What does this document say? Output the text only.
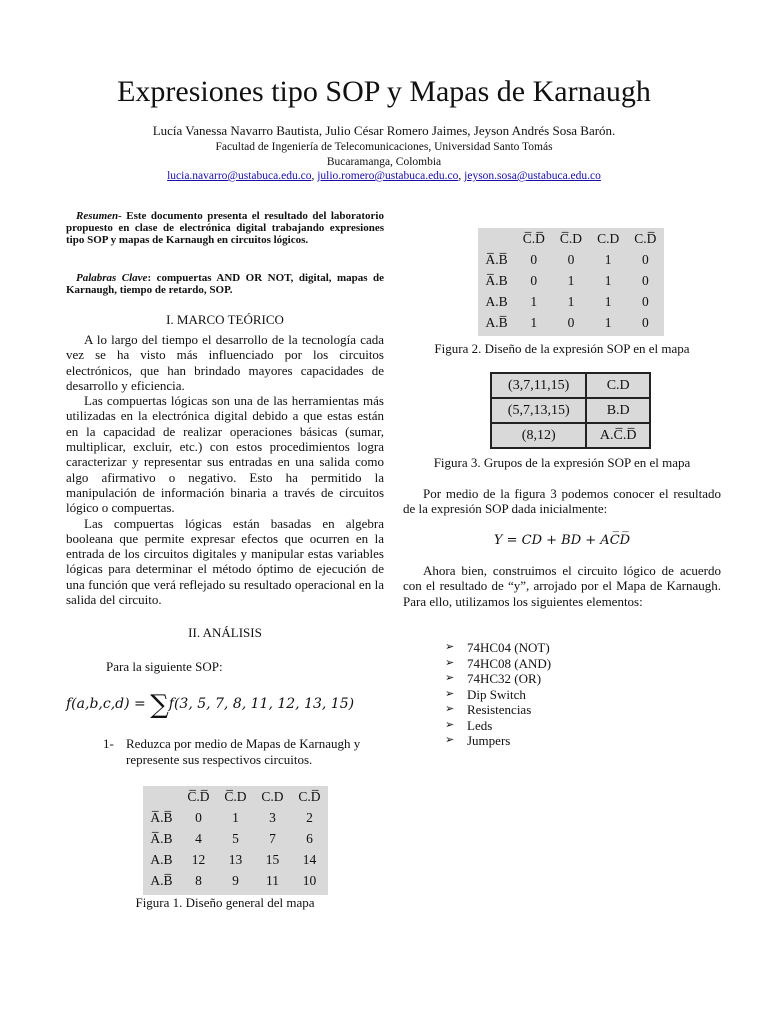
Expresiones tipo SOP y Mapas de Karnaugh
Lucía Vanessa Navarro Bautista, Julio César Romero Jaimes, Jeyson Andrés Sosa Barón.
Facultad de Ingeniería de Telecomunicaciones, Universidad Santo Tomás
Bucaramanga, Colombia
lucia.navarro@ustabuca.edu.co, julio.romero@ustabuca.edu.co, jeyson.sosa@ustabuca.edu.co
Resumen- Este documento presenta el resultado del laboratorio propuesto en clase de electrónica digital trabajando expresiones tipo SOP y mapas de Karnaugh en circuitos lógicos.
Palabras Clave: compuertas AND OR NOT, digital, mapas de Karnaugh, tiempo de retardo, SOP.
I. MARCO TEÓRICO

A lo largo del tiempo el desarrollo de la tecnología cada vez se ha visto más influenciado por los circuitos electrónicos, que han brindado mayores capacidades de desarrollo y eficiencia.

Las compuertas lógicas son una de las herramientas más utilizadas en la electrónica digital debido a que estas están en la capacidad de realizar operaciones básicas (sumar, multiplicar, excluir, etc.) con estos procedimientos logra caracterizar y representar sus entradas en una salida como algo afirmativo o negativo. Esto ha permitido la manipulación de información binaria a través de circuitos lógico o compuertas.

Las compuertas lógicas están basadas en algebra booleana que permite expresar efectos que ocurren en la entrada de los circuitos digitales y manipular estas variables lógicas para determinar el método óptimo de ejecución de una función que verá reflejado su resultado operacional en la salida del circuito.

II. ANÁLISIS
Para la siguiente SOP:
f(a,b,c,d) = ∑f(3, 5, 7, 8, 11, 12, 13, 15)
1- Reduzca por medio de Mapas de Karnaugh y represente sus respectivos circuitos.
	C̅.D̅	C̅.D	C.D	C.D̅
A̅.B̅	0	1	3	2
A̅.B	4	5	7	6
A.B	12	13	15	14
A.B̅	8	9	11	10
Figura 1. Diseño general del mapa
	C̅.D̅	C̅.D	C.D	C.D̅
A̅.B̅	0	0	1	0
A̅.B	0	1	1	0
A.B	1	1	1	0
A.B̅	1	0	1	0
Figura 2. Diseño de la expresión SOP en el mapa
(3,7,11,15)	C.D
(5,7,13,15)	B.D
(8,12)	A.C̅.D̅
Figura 3. Grupos de la expresión SOP en el mapa

Por medio de la figura 3 podemos conocer el resultado de la expresión SOP dada inicialmente:

Y = CD + BD + AC̅D̅

Ahora bien, construimos el circuito lógico de acuerdo con el resultado de “y”, arrojado por el Mapa de Karnaugh. Para ello, utilizamos los siguientes elementos:

➢ 74HC04 (NOT)
➢ 74HC08 (AND)
➢ 74HC32 (OR)
➢ Dip Switch
➢ Resistencias
➢ Leds
➢ Jumpers
